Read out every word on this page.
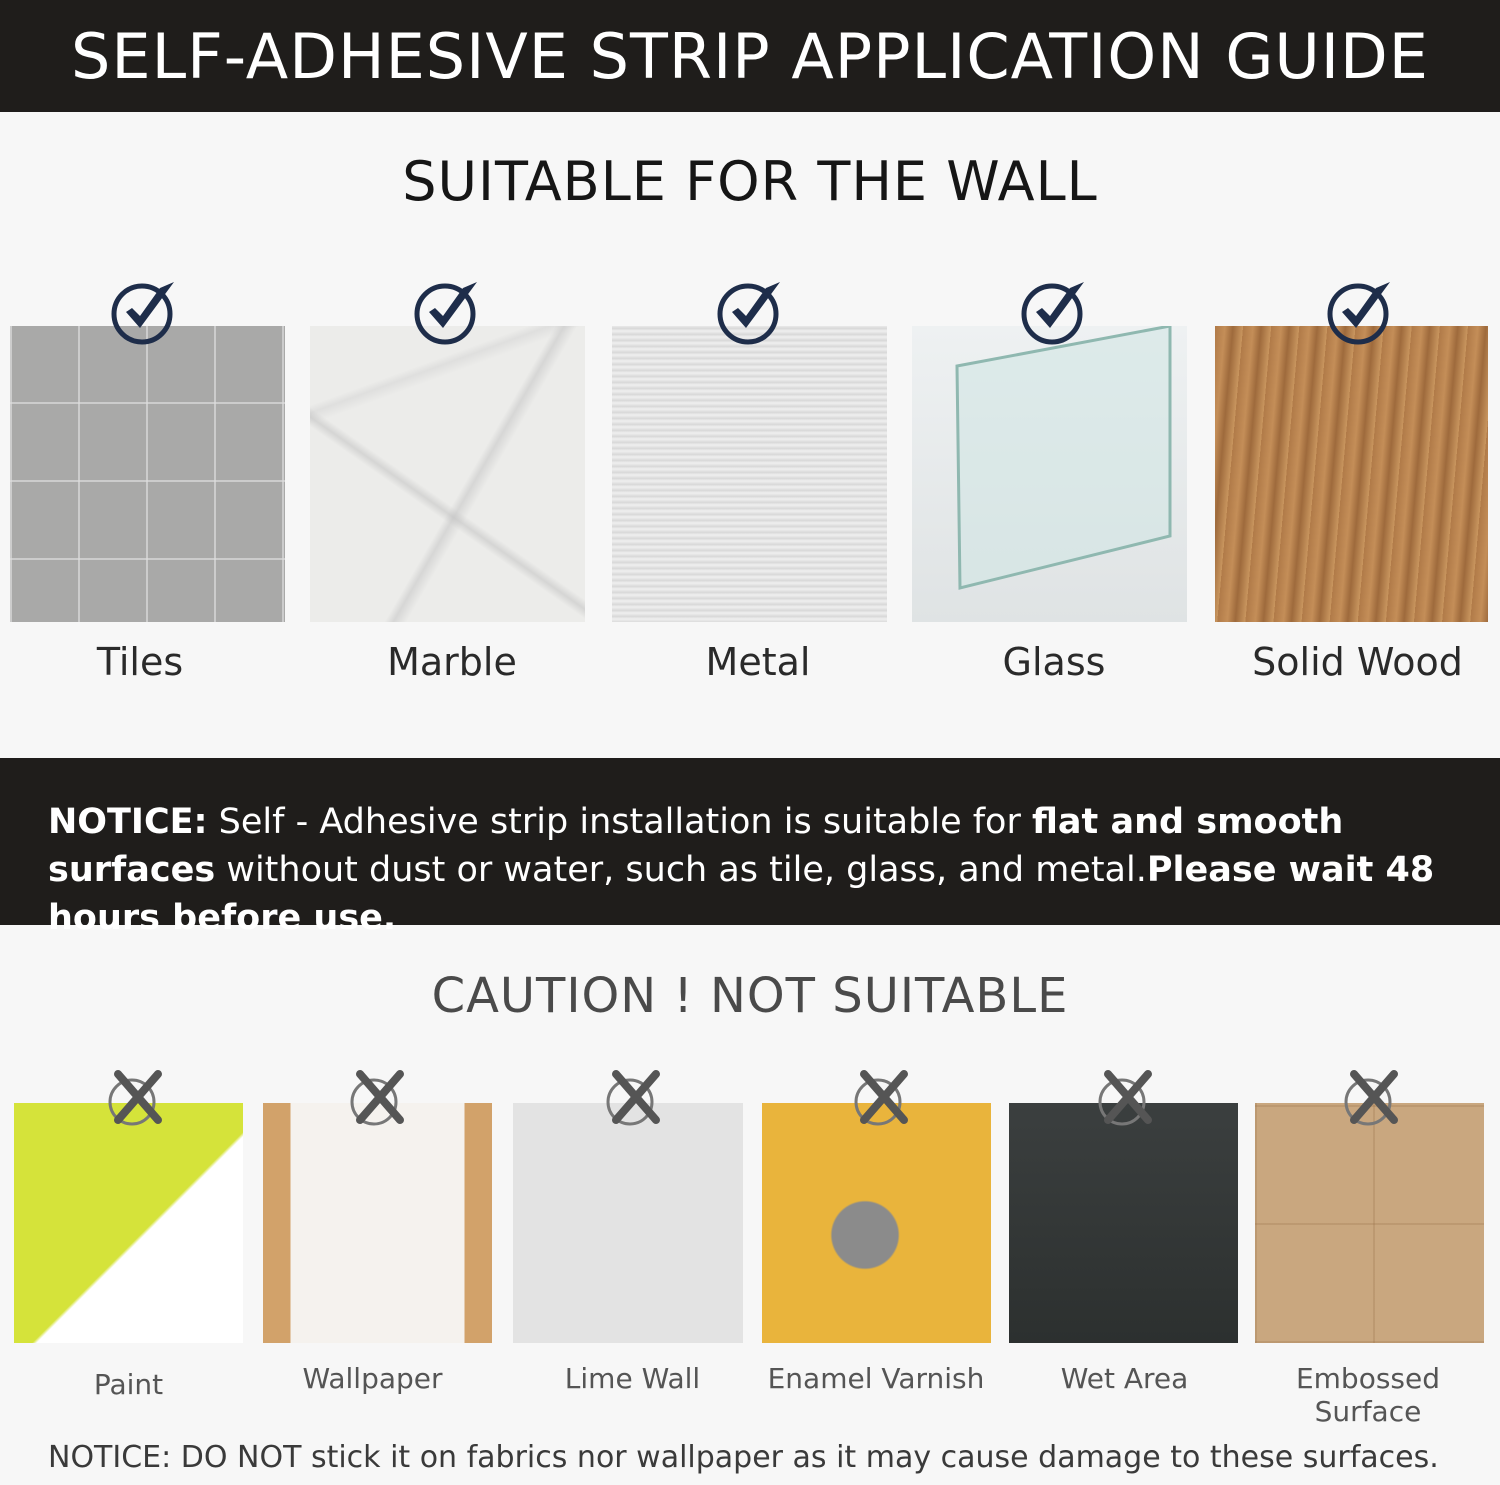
SELF-ADHESIVE STRIP APPLICATION GUIDE
SUITABLE FOR THE WALL
Tiles	Marble	Metal	Glass	Solid Wood
NOTICE: Self - Adhesive strip installation is suitable for flat and smooth surfaces without dust or water, such as tile, glass, and metal.Please wait 48 hours before use.
CAUTION ! NOT SUITABLE
Paint	Wallpaper	Lime Wall	Enamel Varnish	Wet Area	Embossed Surface
NOTICE: DO NOT stick it on fabrics nor wallpaper as it may cause damage to these surfaces.
